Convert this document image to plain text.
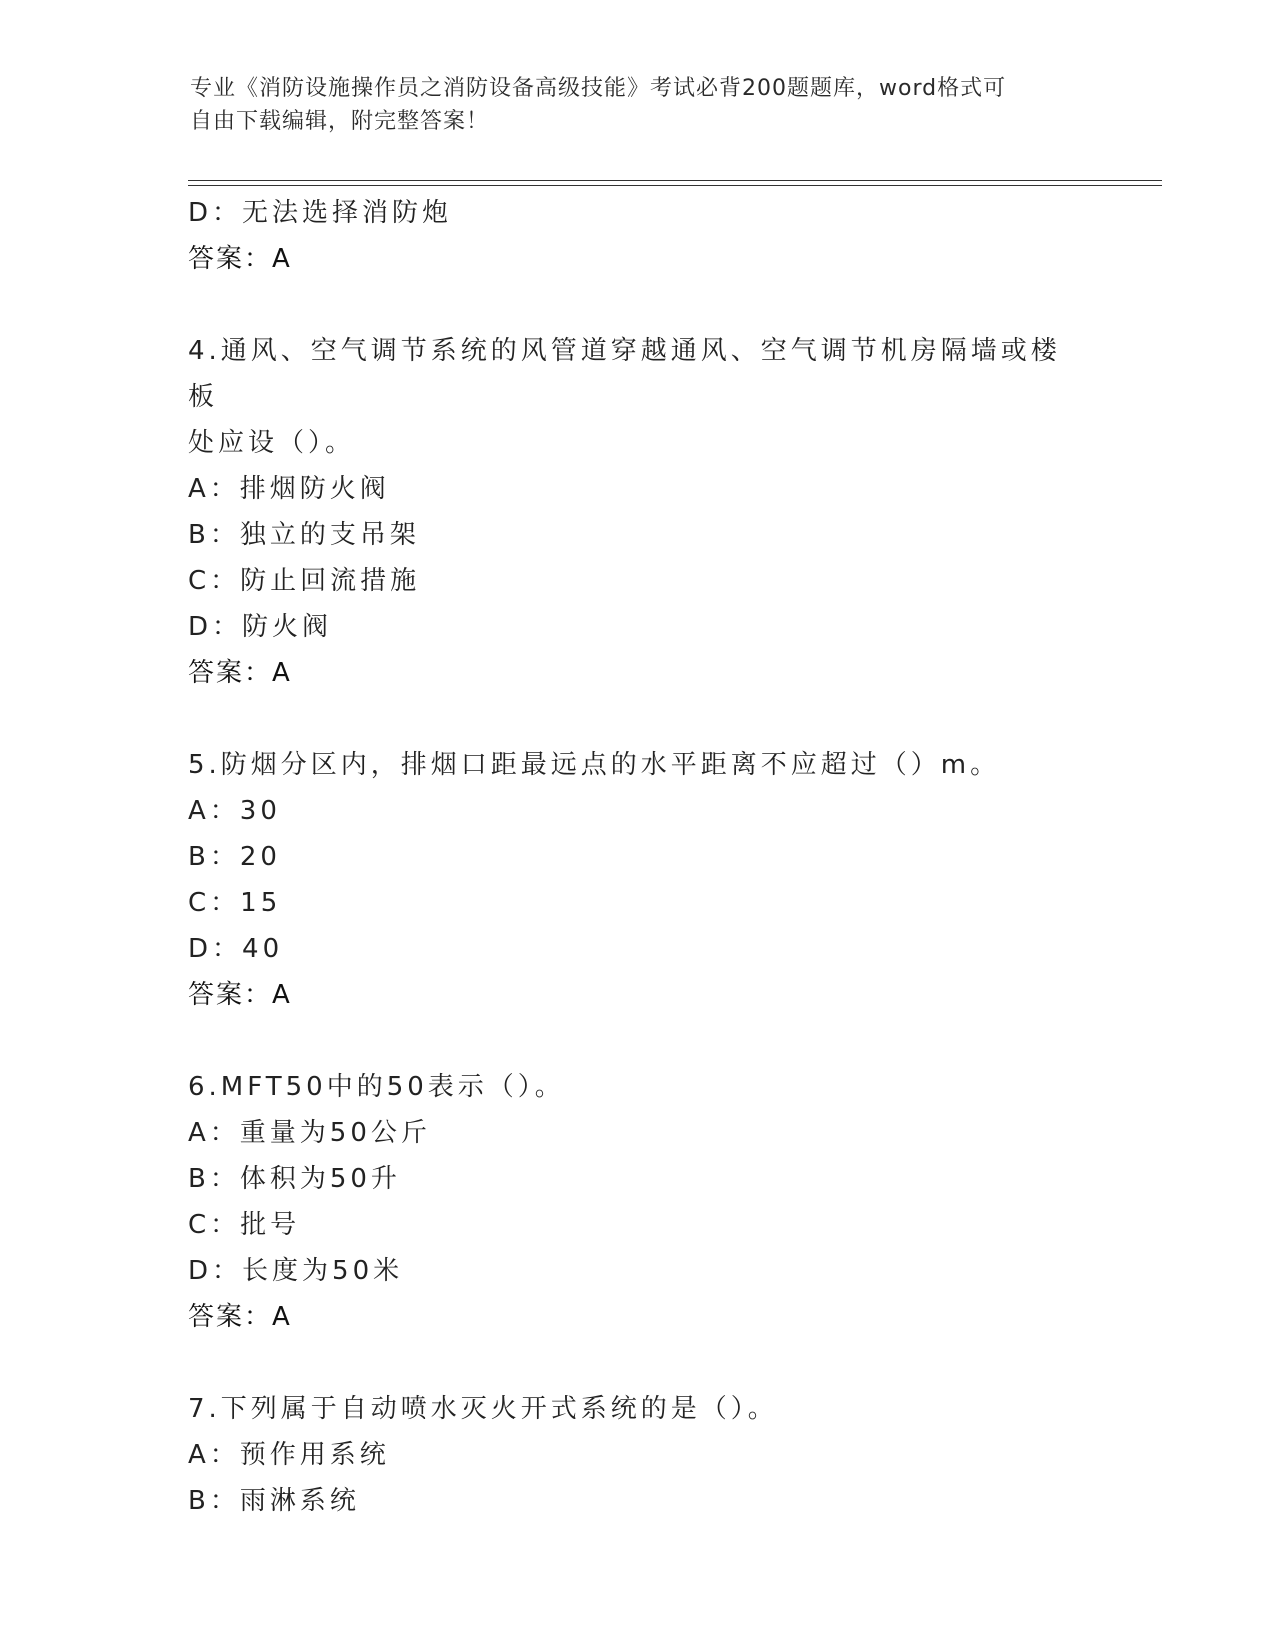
专业《消防设施操作员之消防设备高级技能》考试必背200题题库，word格式可
自由下载编辑，附完整答案！
D：无法选择消防炮
答案：A
4.通风、空气调节系统的风管道穿越通风、空气调节机房隔墙或楼板
处应设（）。
A：排烟防火阀
B：独立的支吊架
C：防止回流措施
D：防火阀
答案：A
5.防烟分区内，排烟口距最远点的水平距离不应超过（）m。
A：30
B：20
C：15
D：40
答案：A
6.MFT50中的50表示（）。
A：重量为50公斤
B：体积为50升
C：批号
D：长度为50米
答案：A
7.下列属于自动喷水灭火开式系统的是（）。
A：预作用系统
B：雨淋系统
